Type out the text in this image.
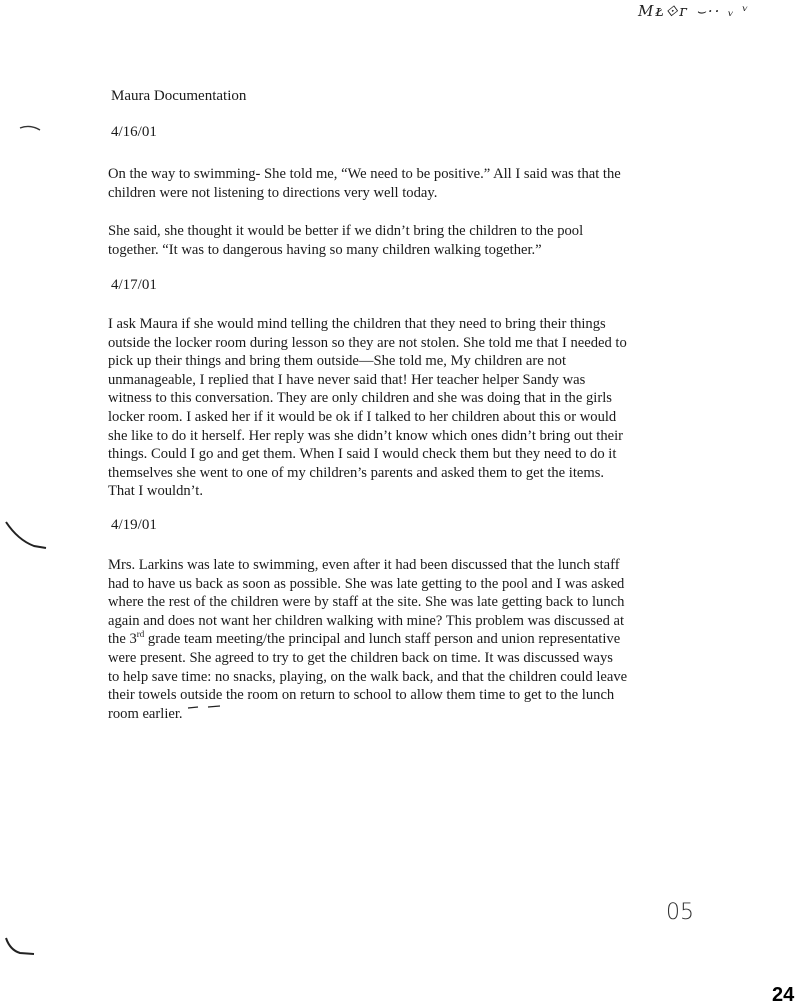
Mᴌ⟐ᴦ ⌣·· ᵥ ᵛ
Maura Documentation
4/16/01
On the way to swimming- She told me, “We need to be positive.” All I said was that the
children were not listening to directions very well today.
She said, she thought it would be better if we didn’t bring the children to the pool
together. “It was to dangerous having so many children walking together.”
4/17/01
I ask Maura if she would mind telling the children that they need to bring their things
outside the locker room during lesson so they are not stolen. She told me that I needed to
pick up their things and bring them outside—She told me, My children are not
unmanageable, I replied that I have never said that! Her teacher helper Sandy was
witness to this conversation. They are only children and she was doing that in the girls
locker room. I asked her if it would be ok if I talked to her children about this or would
she like to do it herself. Her reply was she didn’t know which ones didn’t bring out their
things. Could I go and get them. When I said I would check them but they need to do it
themselves she went to one of my children’s parents and asked them to get the items.
That I wouldn’t.
4/19/01
Mrs. Larkins was late to swimming, even after it had been discussed that the lunch staff
had to have us back as soon as possible. She was late getting to the pool and I was asked
where the rest of the children were by staff at the site. She was late getting back to lunch
again and does not want her children walking with mine? This problem was discussed at
the 3rd grade team meeting/the principal and lunch staff person and union representative
were present. She agreed to try to get the children back on time. It was discussed ways
to help save time: no snacks, playing, on the walk back, and that the children could leave
their towels outside the room on return to school to allow them time to get to the lunch
room earlier.
05
24
